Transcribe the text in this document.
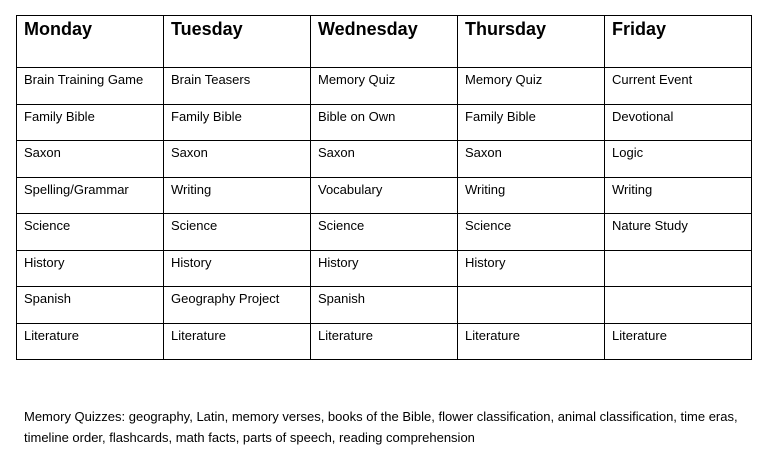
Monday	Tuesday	Wednesday	Thursday	Friday
Brain Training Game	Brain Teasers	Memory Quiz	Memory Quiz	Current Event
Family Bible	Family Bible	Bible on Own	Family Bible	Devotional
Saxon	Saxon	Saxon	Saxon	Logic
Spelling/Grammar	Writing	Vocabulary	Writing	Writing
Science	Science	Science	Science	Nature Study
History	History	History	History	
Spanish	Geography Project	Spanish		
Literature	Literature	Literature	Literature	Literature

Memory Quizzes: geography, Latin, memory verses, books of the Bible, flower classification, animal classification, time eras, timeline order, flashcards, math facts, parts of speech, reading comprehension
